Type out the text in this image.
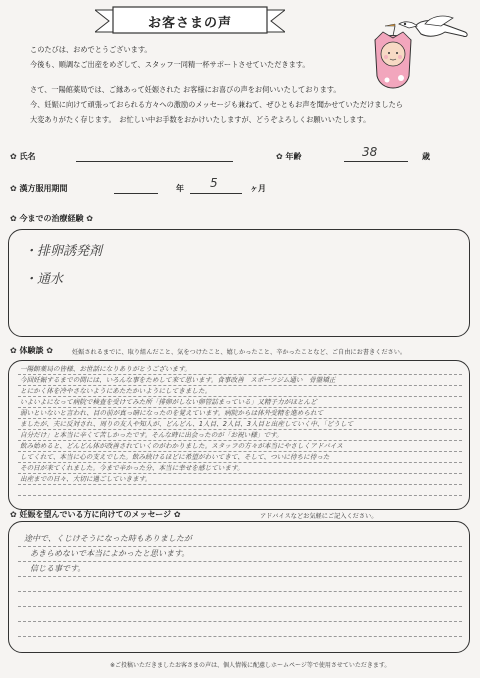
お客さまの声

このたびは、おめでとうございます。

今後も、順調なご出産をめざして、スタッフ一同精一杯サポートさせていただきます。

さて、一陽館薬局では、ご縁あって妊娠された お客様にお喜びの声をお伺いいたしております。

今、妊娠に向けて頑張っておられる方々への激励のメッセージも兼ねて、ぜひともお声を聞かせていただけましたら

大変ありがたく存じます。　お忙しい中お手数をおかけいたしますが、どうぞよろしくお願いいたします。

✿ 氏名	✿ 年齢	38	歳
✿ 漢方服用期間	年 5	ヶ月
✿ 今までの治療経験 ✿
・排卵誘発剤
・通水
✿ 体験談 ✿	妊娠されるまでに、取り組んだこと、気をつけたこと、嬉しかったこと、辛かったことなど、ご自由にお書きください。
一陽館薬局の皆様、お世話になりありがとうございます。
今回妊娠するまでの間には、いろんな事をためして来て思います。食事改善　スポーツジム通い　骨盤矯正
とにかく体を冷やさないようにあたたかいようにしてきました。
いよいよになって病院で検査を受けてみた所「排卵がしない卵管詰まっている」又精子力がほとんど
弱いといないと言われ、目の前が真っ暗になったのを覚えています。病院からは体外受精を進められて
ましたが、夫に反対され、周りの友人や知人が、どんどん、1人目、2人目、3人目と出産していく中、「どうして
自分だけ」と本当に辛くて苦しかったです。そんな時に出会ったのが「お祝い様」です。
飲み始めると、どんどん体が改善されていくのがわかりました。スタッフの方々が本当にやさしくアドバイス
してくれて、本当に心の支えでした。飲み続けるほどに希望がわいてきて、そして、ついに待ちに待った
その日が来てくれました。今まで辛かった分、本当に幸せを感じています。
出産までの日々、大切に過ごしていきます。
✿ 妊娠を望んでいる方に向けてのメッセージ ✿	アドバイスなどお気軽にご記入ください。
途中で、くじけそうになった時もありましたが
あきらめないで本当によかったと思います。
信じる事です。
※ご投稿いただきましたお客さまの声は、個人情報に配慮しホームページ等で使用させていただきます。
